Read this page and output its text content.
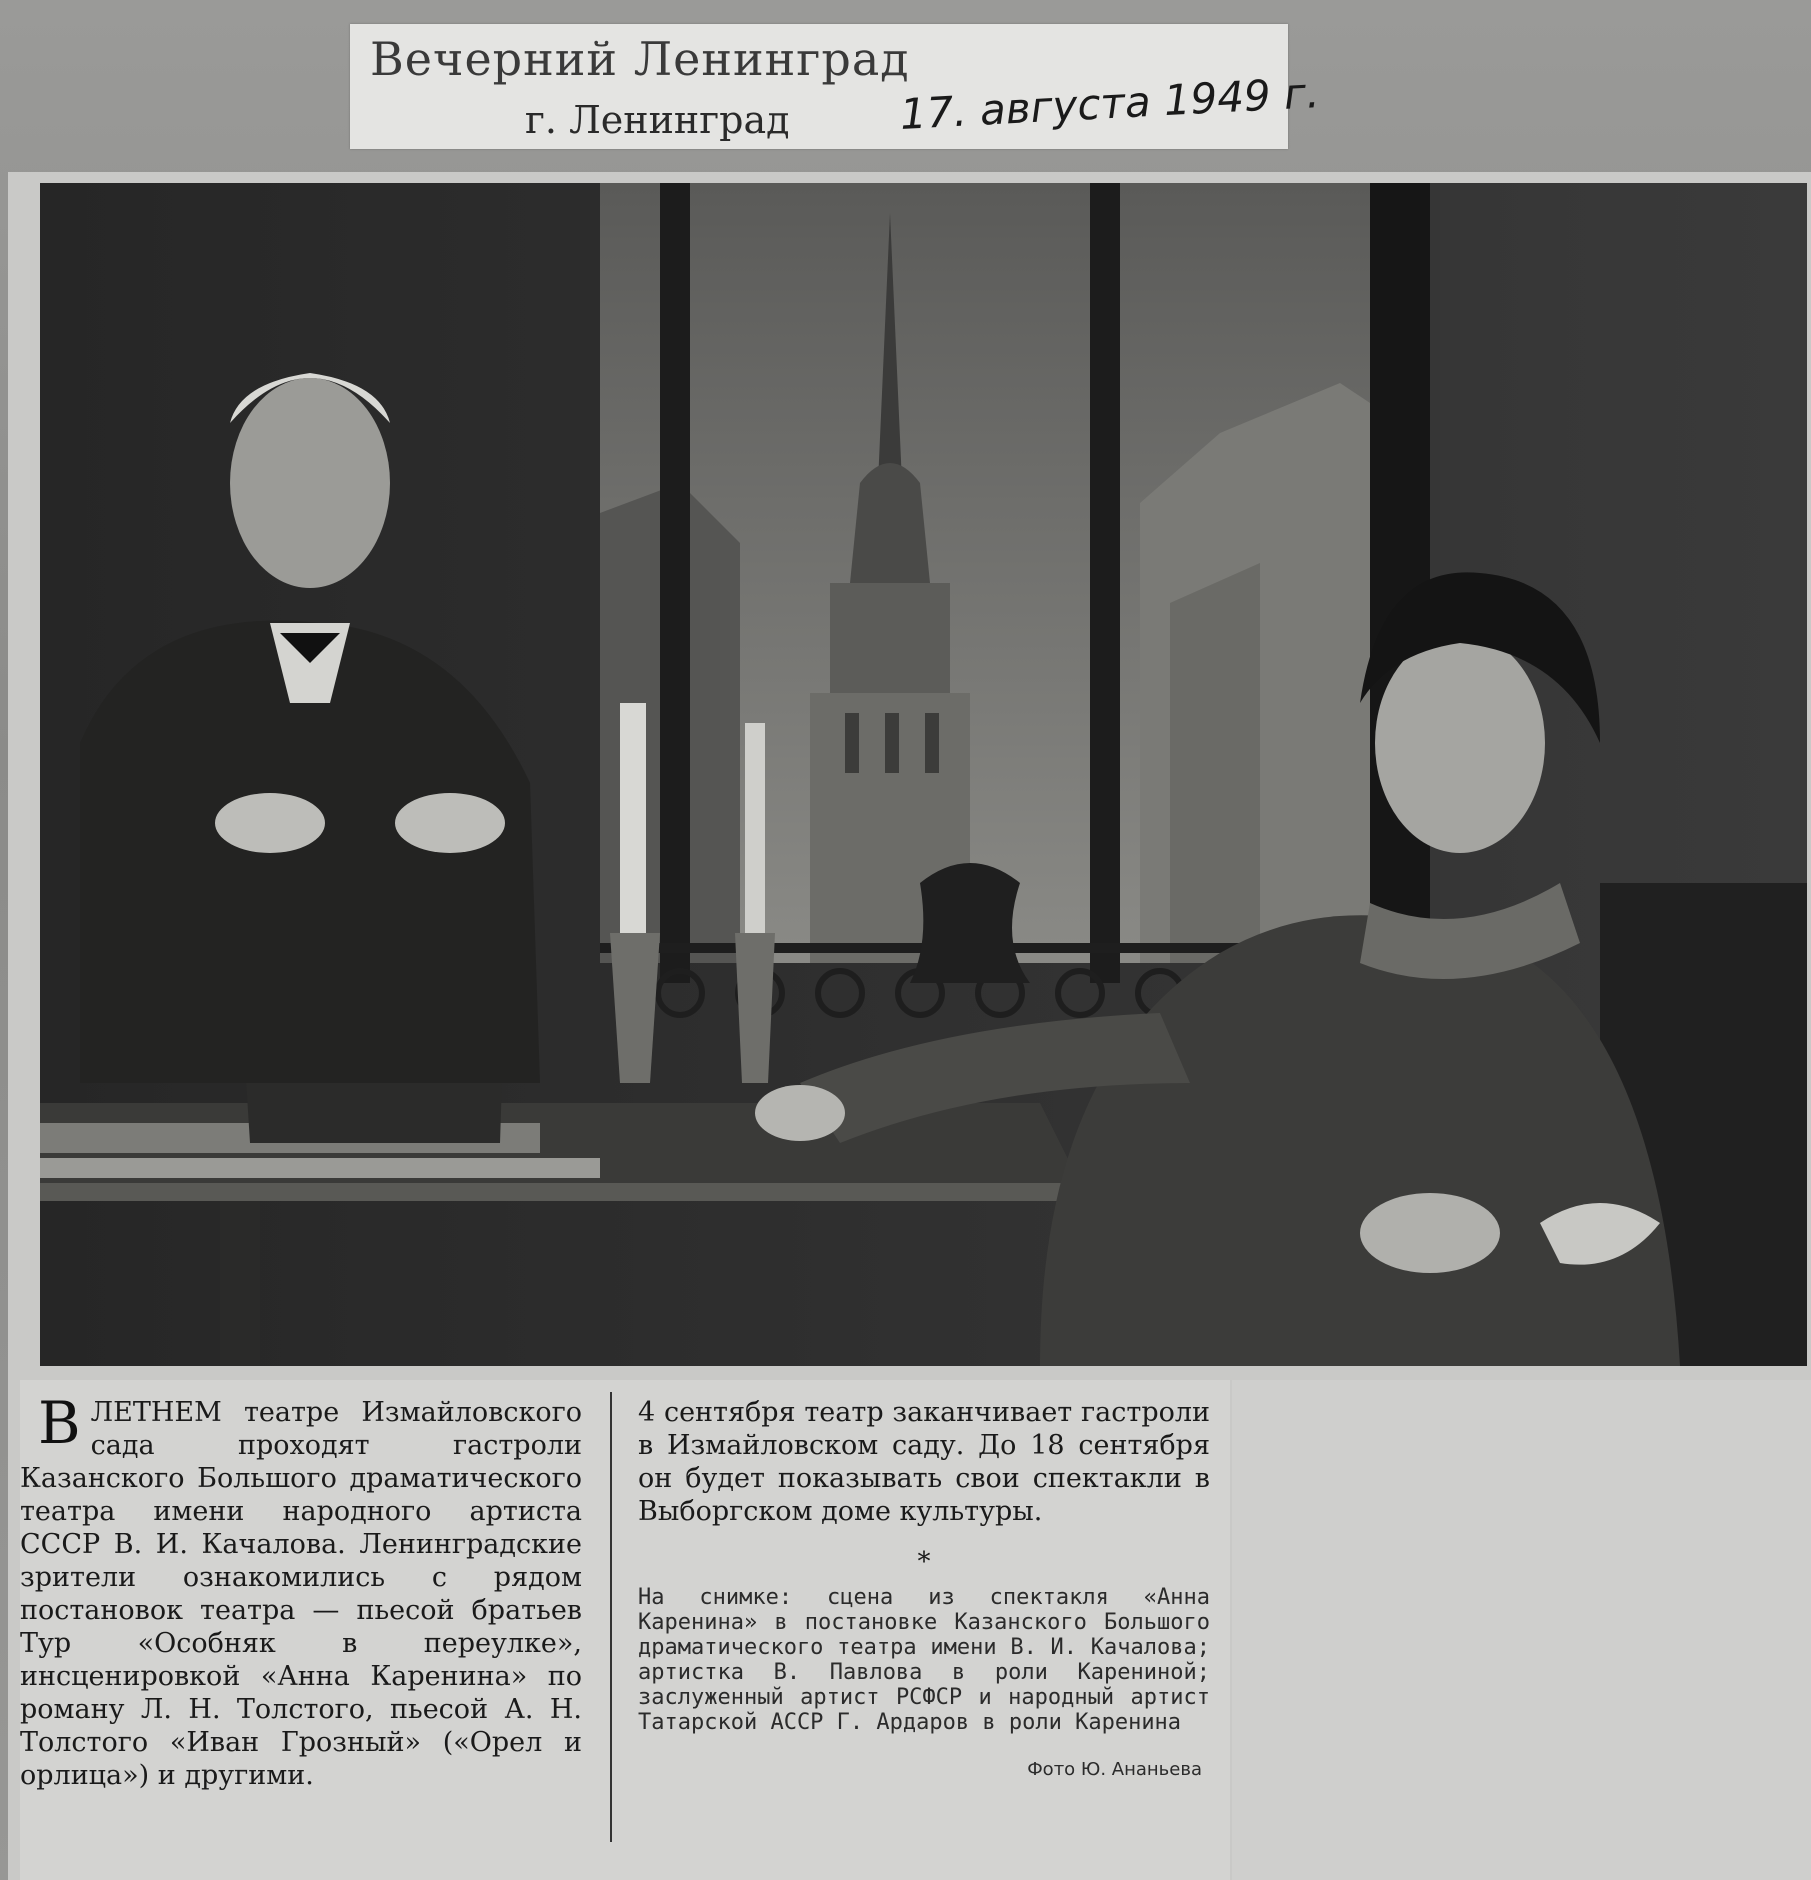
Вечерний Ленинград
г. Ленинград	17. августа 1949 г.
В ЛЕТНЕМ театре Измайловского сада проходят гастроли Казанского Большого драматического театра имени народного артиста СССР В. И. Качалова. Ленинградские зрители ознакомились с рядом постановок театра — пьесой братьев Тур «Особняк в переулке», инсценировкой «Анна Каренина» по роману Л. Н. Толстого, пьесой А. Н. Толстого «Иван Грозный» («Орел и орлица») и другими.

4 сентября театр заканчивает гастроли в Измайловском саду. До 18 сентября он будет показывать свои спектакли в Выборгском доме культуры.

*

На снимке: сцена из спектакля «Анна Каренина» в постановке Казанского Большого драматического театра имени В. И. Качалова; артистка В. Павлова в роли Карениной; заслуженный артист РСФСР и народный артист Татарской АССР Г. Ардаров в роли Каренина

Фото Ю. Ананьева
